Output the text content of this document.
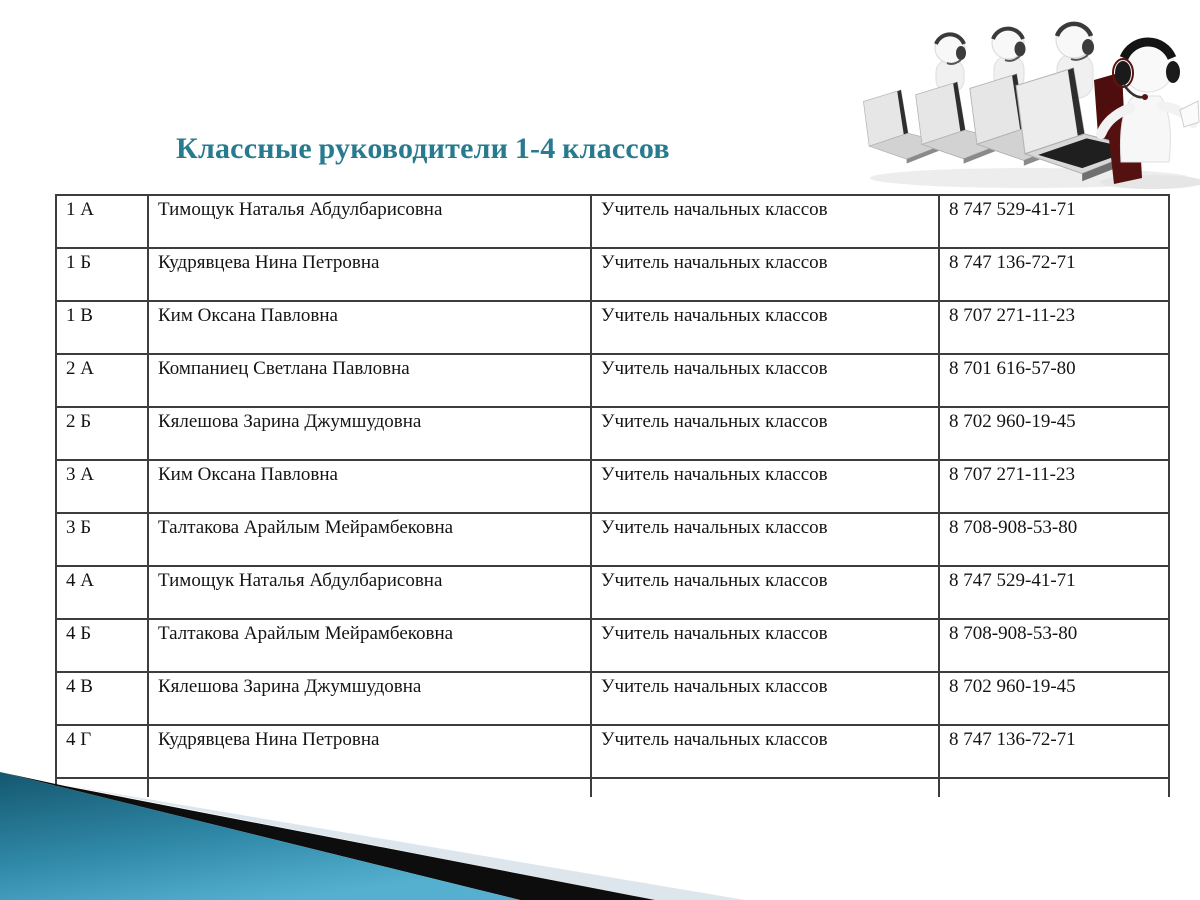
Классные руководители 1-4 классов
1 А	Тимощук Наталья Абдулбарисовна	Учитель начальных классов	8 747 529-41-71
1 Б	Кудрявцева Нина Петровна	Учитель начальных классов	8 747 136-72-71
1 В	Ким Оксана Павловна	Учитель начальных классов	8 707 271-11-23
2 А	Компаниец Светлана Павловна	Учитель начальных классов	8 701 616-57-80
2 Б	Кялешова Зарина Джумшудовна	Учитель начальных классов	8 702 960-19-45
3 А	Ким Оксана Павловна	Учитель начальных классов	8 707 271-11-23
3 Б	Талтакова Арайлым Мейрамбековна	Учитель начальных классов	8 708-908-53-80
4 А	Тимощук Наталья Абдулбарисовна	Учитель начальных классов	8 747 529-41-71
4 Б	Талтакова Арайлым Мейрамбековна	Учитель начальных классов	8 708-908-53-80
4 В	Кялешова Зарина Джумшудовна	Учитель начальных классов	8 702 960-19-45
4 Г	Кудрявцева Нина Петровна	Учитель начальных классов	8 747 136-72-71
